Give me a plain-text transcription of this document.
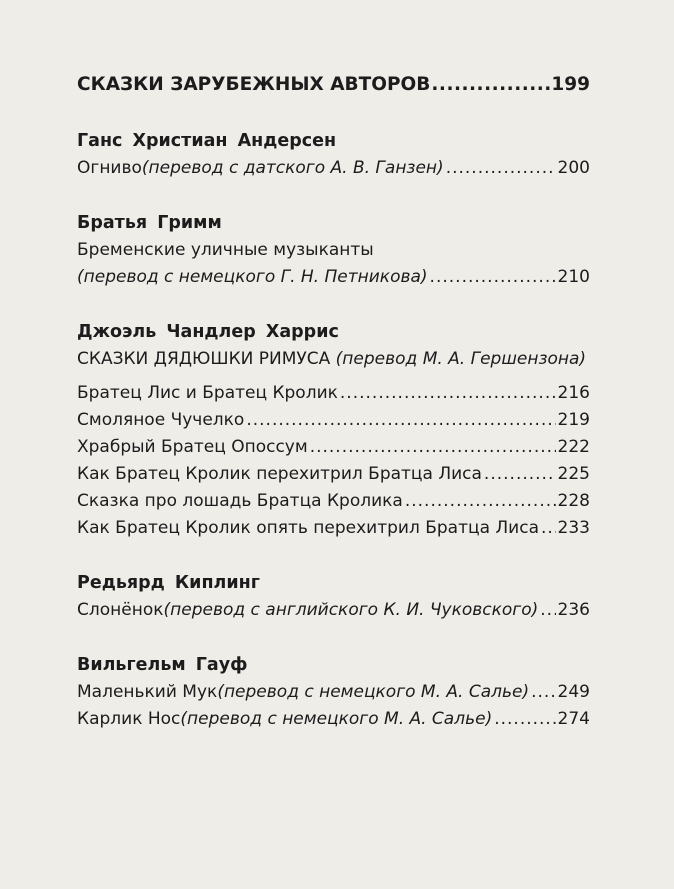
СКАЗКИ ЗАРУБЕЖНЫХ АВТОРОВ .....	199
Ганс Христиан Андерсен
Огниво (перевод с датского А. В. Ганзен) .....	200
Братья Гримм
Бременские уличные музыканты
(перевод с немецкого Г. Н. Петникова) .....	210
Джоэль Чандлер Харрис
СКАЗКИ ДЯДЮШКИ РИМУСА (перевод М. А. Гершензона)
Братец Лис и Братец Кролик .....	216
Смоляное Чучелко .....	219
Храбрый Братец Опоссум .....	222
Как Братец Кролик перехитрил Братца Лиса .....	225
Сказка про лошадь Братца Кролика .....	228
Как Братец Кролик опять перехитрил Братца Лиса ..... 233
Редьярд Киплинг
Слонёнок (перевод с английского К. И. Чуковского) ..... 236
Вильгельм Гауф
Маленький Мук (перевод с немецкого М. А. Салье) ..... 249
Карлик Нос (перевод с немецкого М. А. Салье) .....	274
